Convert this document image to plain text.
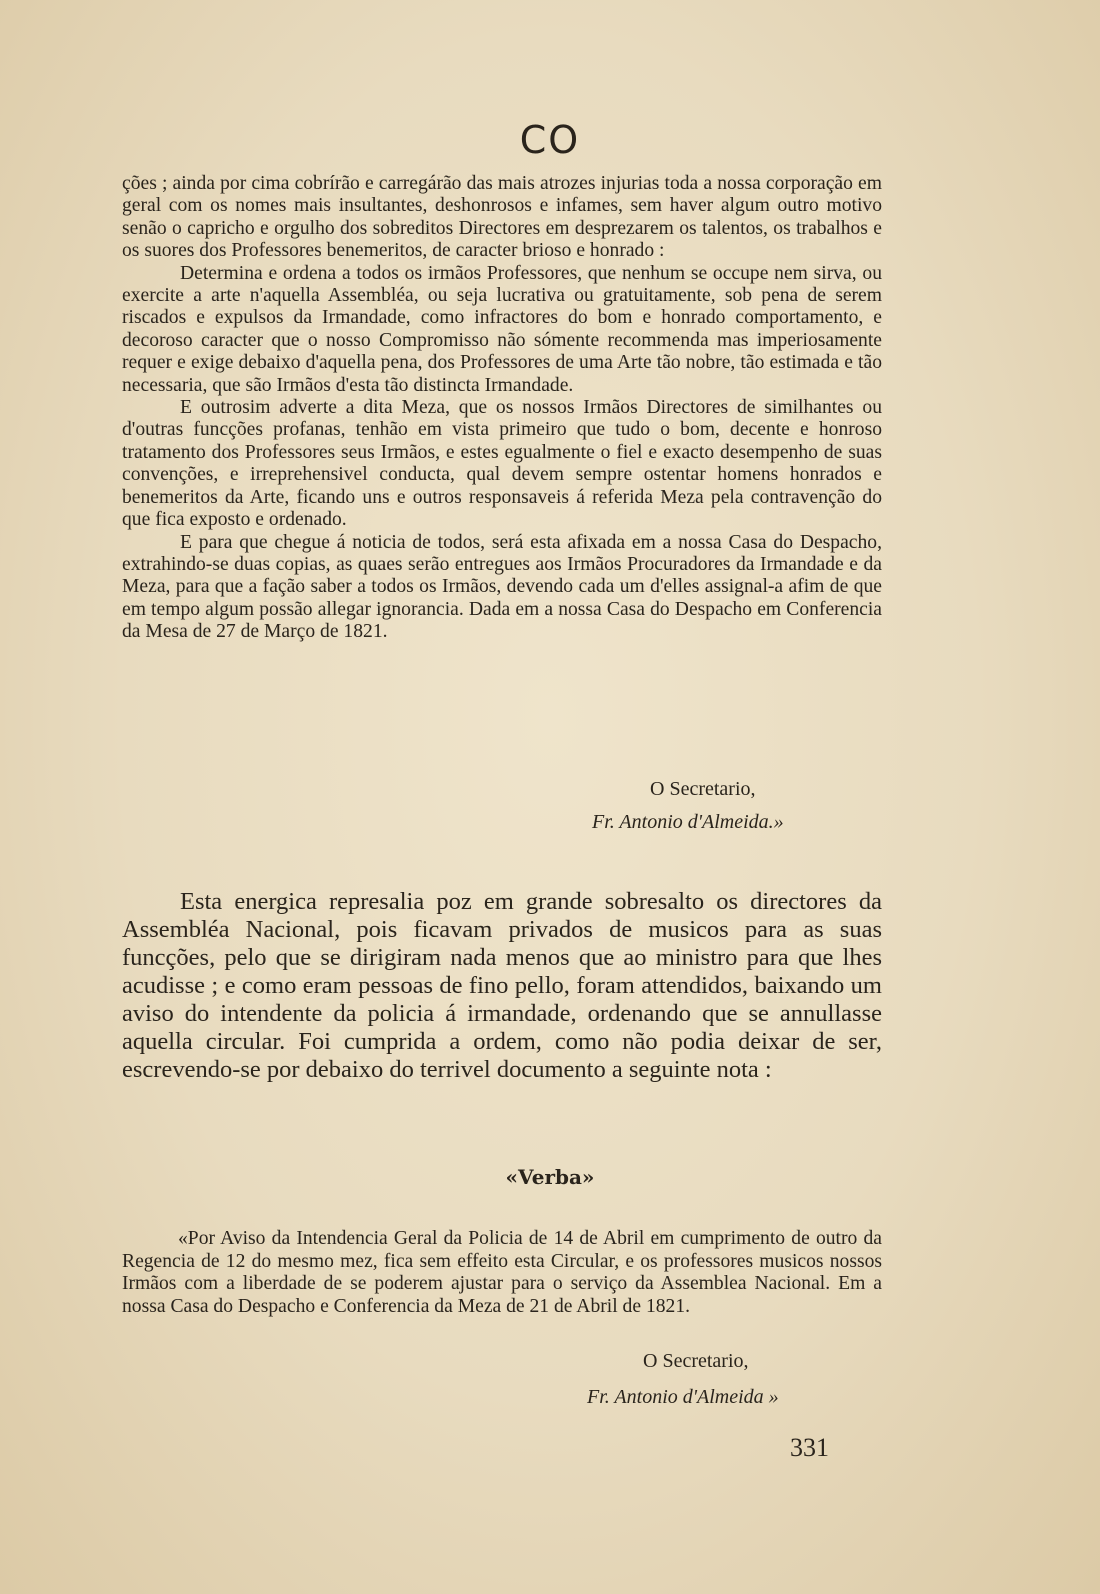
CO

ções ; ainda por cima cobrírão e carregárão das mais atrozes injurias toda a nossa corporação em geral com os nomes mais insultantes, deshonrosos e infames, sem haver algum outro motivo senão o capricho e orgulho dos sobreditos Directores em desprezarem os talentos, os trabalhos e os suores dos Professores benemeritos, de caracter brioso e honrado :

Determina e ordena a todos os irmãos Professores, que nenhum se occupe nem sirva, ou exercite a arte n'aquella Assembléa, ou seja lucrativa ou gratuitamente, sob pena de serem riscados e expulsos da Irmandade, como infractores do bom e honrado comportamento, e decoroso caracter que o nosso Compromisso não sómente recommenda mas imperiosamente requer e exige debaixo d'aquella pena, dos Professores de uma Arte tão nobre, tão estimada e tão necessaria, que são Irmãos d'esta tão distincta Irmandade.

E outrosim adverte a dita Meza, que os nossos Irmãos Directores de similhantes ou d'outras funcções profanas, tenhão em vista primeiro que tudo o bom, decente e honroso tratamento dos Professores seus Irmãos, e estes egualmente o fiel e exacto desempenho de suas convenções, e irreprehensivel conducta, qual devem sempre ostentar homens honrados e benemeritos da Arte, ficando uns e outros responsaveis á referida Meza pela contravenção do que fica exposto e ordenado.

E para que chegue á noticia de todos, será esta afixada em a nossa Casa do Despacho, extrahindo-se duas copias, as quaes serão entregues aos Irmãos Procuradores da Irmandade e da Meza, para que a fação saber a todos os Irmãos, devendo cada um d'elles assignal-a afim de que em tempo algum possão allegar ignorancia. Dada em a nossa Casa do Despacho em Conferencia da Mesa de 27 de Março de 1821.

O Secretario,
Fr. Antonio d'Almeida.»

Esta energica represalia poz em grande sobresalto os directores da Assembléa Nacional, pois ficavam privados de musicos para as suas funcções, pelo que se dirigiram nada menos que ao ministro para que lhes acudisse ; e como eram pessoas de fino pello, foram attendidos, baixando um aviso do intendente da policia á irmandade, ordenando que se annullasse aquella circular. Foi cumprida a ordem, como não podia deixar de ser, escrevendo-se por debaixo do terrivel documento a seguinte nota :

«Verba»

«Por Aviso da Intendencia Geral da Policia de 14 de Abril em cumprimento de outro da Regencia de 12 do mesmo mez, fica sem effeito esta Circular, e os professores musicos nossos Irmãos com a liberdade de se poderem ajustar para o serviço da Assemblea Nacional. Em a nossa Casa do Despacho e Conferencia da Meza de 21 de Abril de 1821.

O Secretario,
Fr. Antonio d'Almeida »
331
